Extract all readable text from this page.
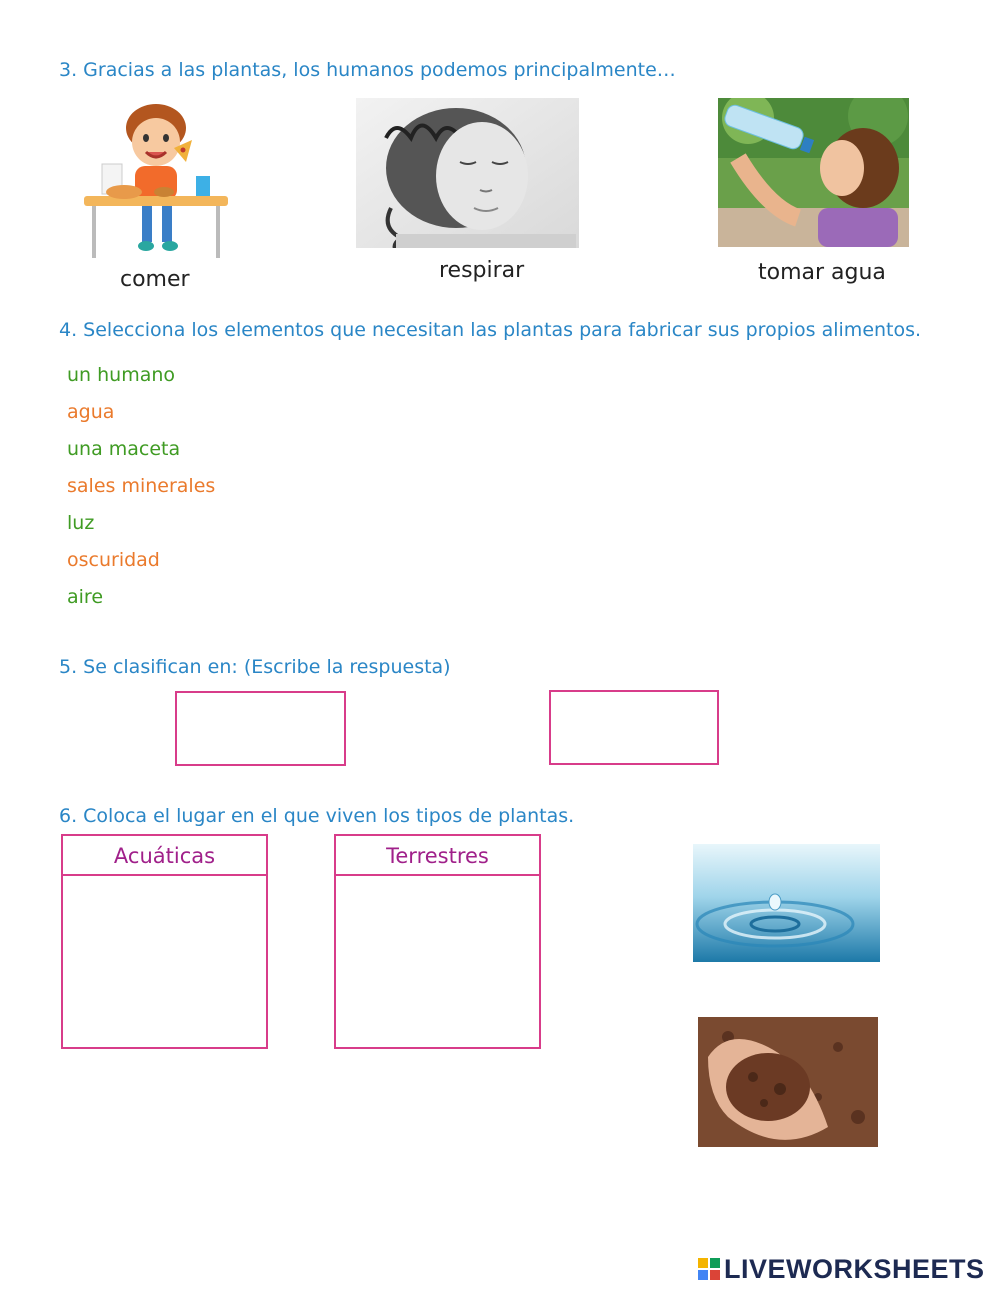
3. Gracias a las plantas, los humanos podemos principalmente…
comer	respirar	tomar agua
4. Selecciona los elementos que necesitan las plantas para fabricar sus propios alimentos.
un humano
agua
una maceta
sales minerales
luz
oscuridad
aire
5. Se clasifican en: (Escribe la respuesta)
6. Coloca el lugar en el que viven los tipos de plantas.
Acuáticas	Terrestres
LIVEWORKSHEETS
